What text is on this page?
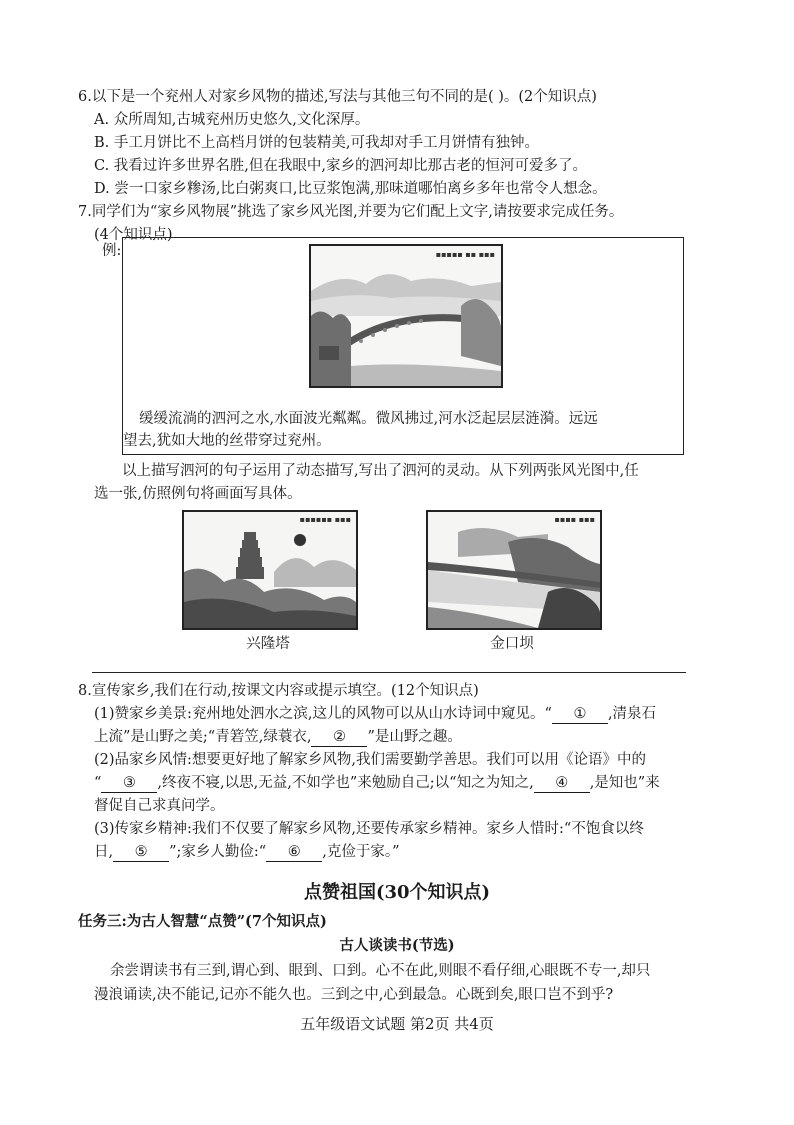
6.以下是一个兖州人对家乡风物的描述,写法与其他三句不同的是( )。(2个知识点)
A. 众所周知,古城兖州历史悠久,文化深厚。
B. 手工月饼比不上高档月饼的包装精美,可我却对手工月饼情有独钟。
C. 我看过许多世界名胜,但在我眼中,家乡的泗河却比那古老的恒河可爱多了。
D. 尝一口家乡糁汤,比白粥爽口,比豆浆饱满,那味道哪怕离乡多年也常令人想念。
7.同学们为“家乡风物展”挑选了家乡风光图,并要为它们配上文字,请按要求完成任务。
(4个知识点)
例:	▪▪▪▪▪ ▪▪ ▪▪▪
缓缓流淌的泗河之水,水面波光粼粼。微风拂过,河水泛起层层涟漪。远远
望去,犹如大地的丝带穿过兖州。
以上描写泗河的句子运用了动态描写,写出了泗河的灵动。从下列两张风光图中,任
选一张,仿照例句将画面写具体。
▪▪▪▪▪▪ ▪▪▪
兴隆塔
▪▪▪▪ ▪▪▪
金口坝
8.宣传家乡,我们在行动,按课文内容或提示填空。(12个知识点)
(1)赞家乡美景:兖州地处泗水之滨,这儿的风物可以从山水诗词中窥见。“ ① ,清泉石
上流”是山野之美;“青箬笠,绿蓑衣, ② ”是山野之趣。
(2)品家乡风情:想要更好地了解家乡风物,我们需要勤学善思。我们可以用《论语》中的
“ ③ ,终夜不寝,以思,无益,不如学也”来勉励自己;以“知之为知之, ④ ,是知也”来
督促自己求真问学。
(3)传家乡精神:我们不仅要了解家乡风物,还要传承家乡精神。家乡人惜时:“不饱食以终
日, ⑤ ”;家乡人勤俭:“ ⑥ ,克俭于家。”
点赞祖国(30个知识点)
任务三:为古人智慧“点赞”(7个知识点)
古人谈读书(节选)
余尝谓读书有三到,谓心到、眼到、口到。心不在此,则眼不看仔细,心眼既不专一,却只
漫浪诵读,决不能记,记亦不能久也。三到之中,心到最急。心既到矣,眼口岂不到乎?
五年级语文试题 第2页 共4页
